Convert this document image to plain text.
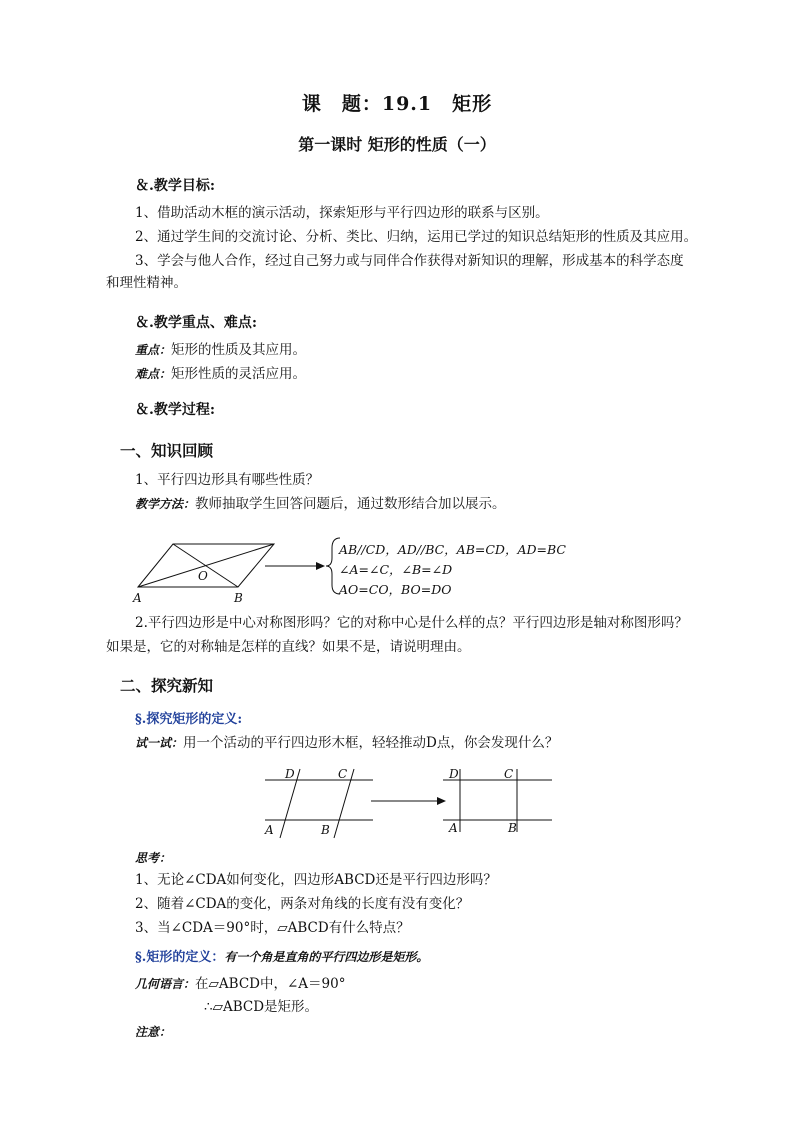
课　题：19.1　矩形
第一课时 矩形的性质（一）
＆.教学目标:
1、借助活动木框的演示活动，探索矩形与平行四边形的联系与区别。
2、通过学生间的交流讨论、分析、类比、归纳，运用已学过的知识总结矩形的性质及其应用。
3、学会与他人合作，经过自己努力或与同伴合作获得对新知识的理解，形成基本的科学态度
和理性精神。
＆.教学重点、难点:
重点：矩形的性质及其应用。
难点：矩形性质的灵活应用。
＆.教学过程:
一、知识回顾
1、平行四边形具有哪些性质？
教学方法：教师抽取学生回答问题后，通过数形结合加以展示。
A	B
O
AB//CD，AD//BC，AB=CD，AD=BC
∠A=∠C，∠B=∠D
AO=CO，BO=DO
2.平行四边形是中心对称图形吗？它的对称中心是什么样的点？平行四边形是轴对称图形吗？
如果是，它的对称轴是怎样的直线？如果不是，请说明理由。
二、探究新知
§.探究矩形的定义:
试一试：用一个活动的平行四边形木框，轻轻推动D点，你会发现什么？
D	C
A	B
D	C
A	B
思考：
1、无论∠CDA如何变化，四边形ABCD还是平行四边形吗？
2、随着∠CDA的变化，两条对角线的长度有没有变化？
3、当∠CDA＝90°时，▱ABCD有什么特点？
§.矩形的定义：有一个角是直角的平行四边形是矩形。
几何语言：在▱ABCD中，∠A＝90°
∴▱ABCD是矩形。
注意：
